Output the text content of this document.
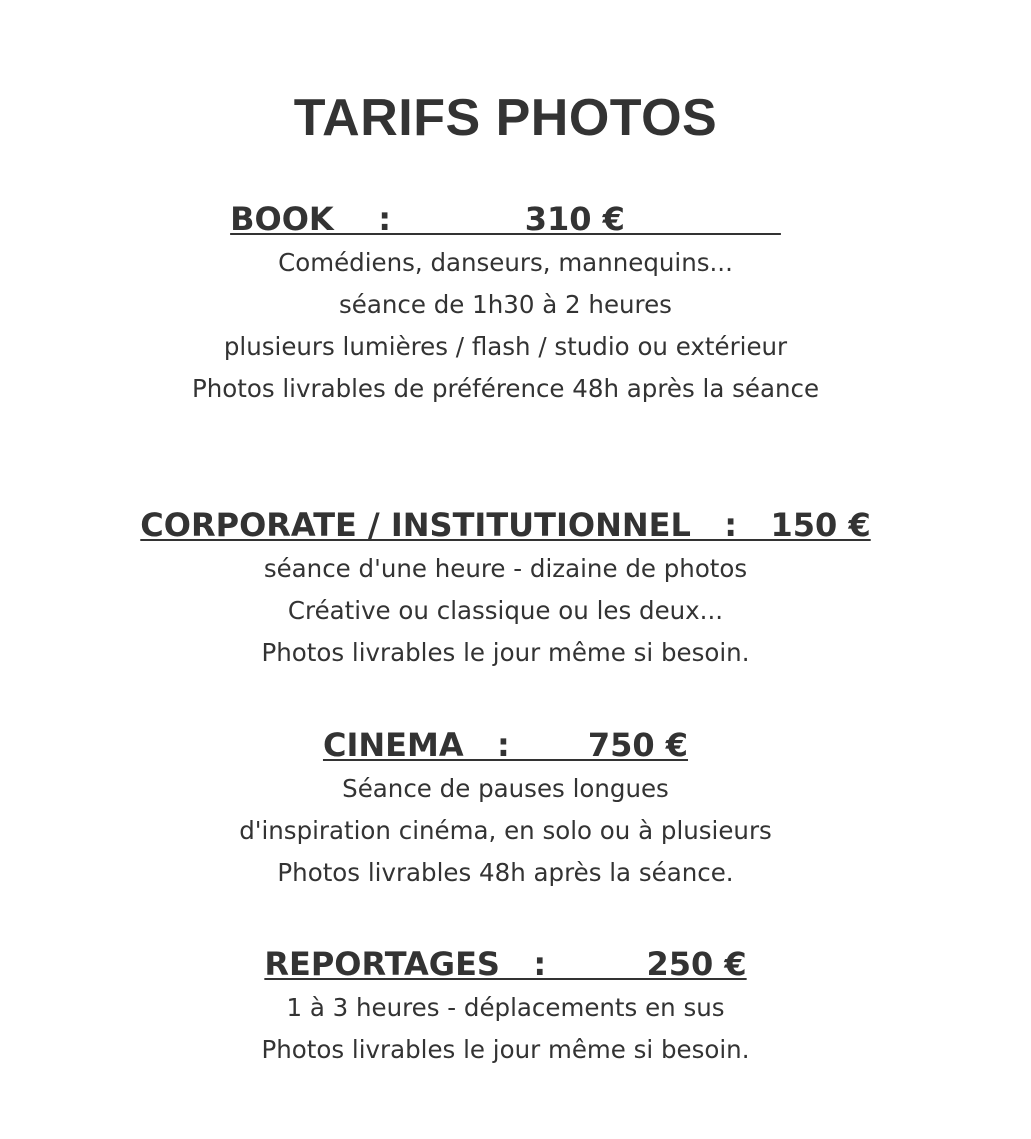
TARIFS PHOTOS
BOOK    :            310 €
Comédiens, danseurs, mannequins...
séance de 1h30 à 2 heures
plusieurs lumières / flash / studio ou extérieur
Photos livrables de préférence 48h après la séance
CORPORATE / INSTITUTIONNEL   :   150 €
séance d'une heure - dizaine de photos
Créative ou classique ou les deux...
Photos livrables le jour même si besoin.
CINEMA   :       750 €
Séance de pauses longues
d'inspiration cinéma, en solo ou à plusieurs
Photos livrables 48h après la séance.
REPORTAGES   :         250 €
1 à 3 heures - déplacements en sus
Photos livrables le jour même si besoin.
